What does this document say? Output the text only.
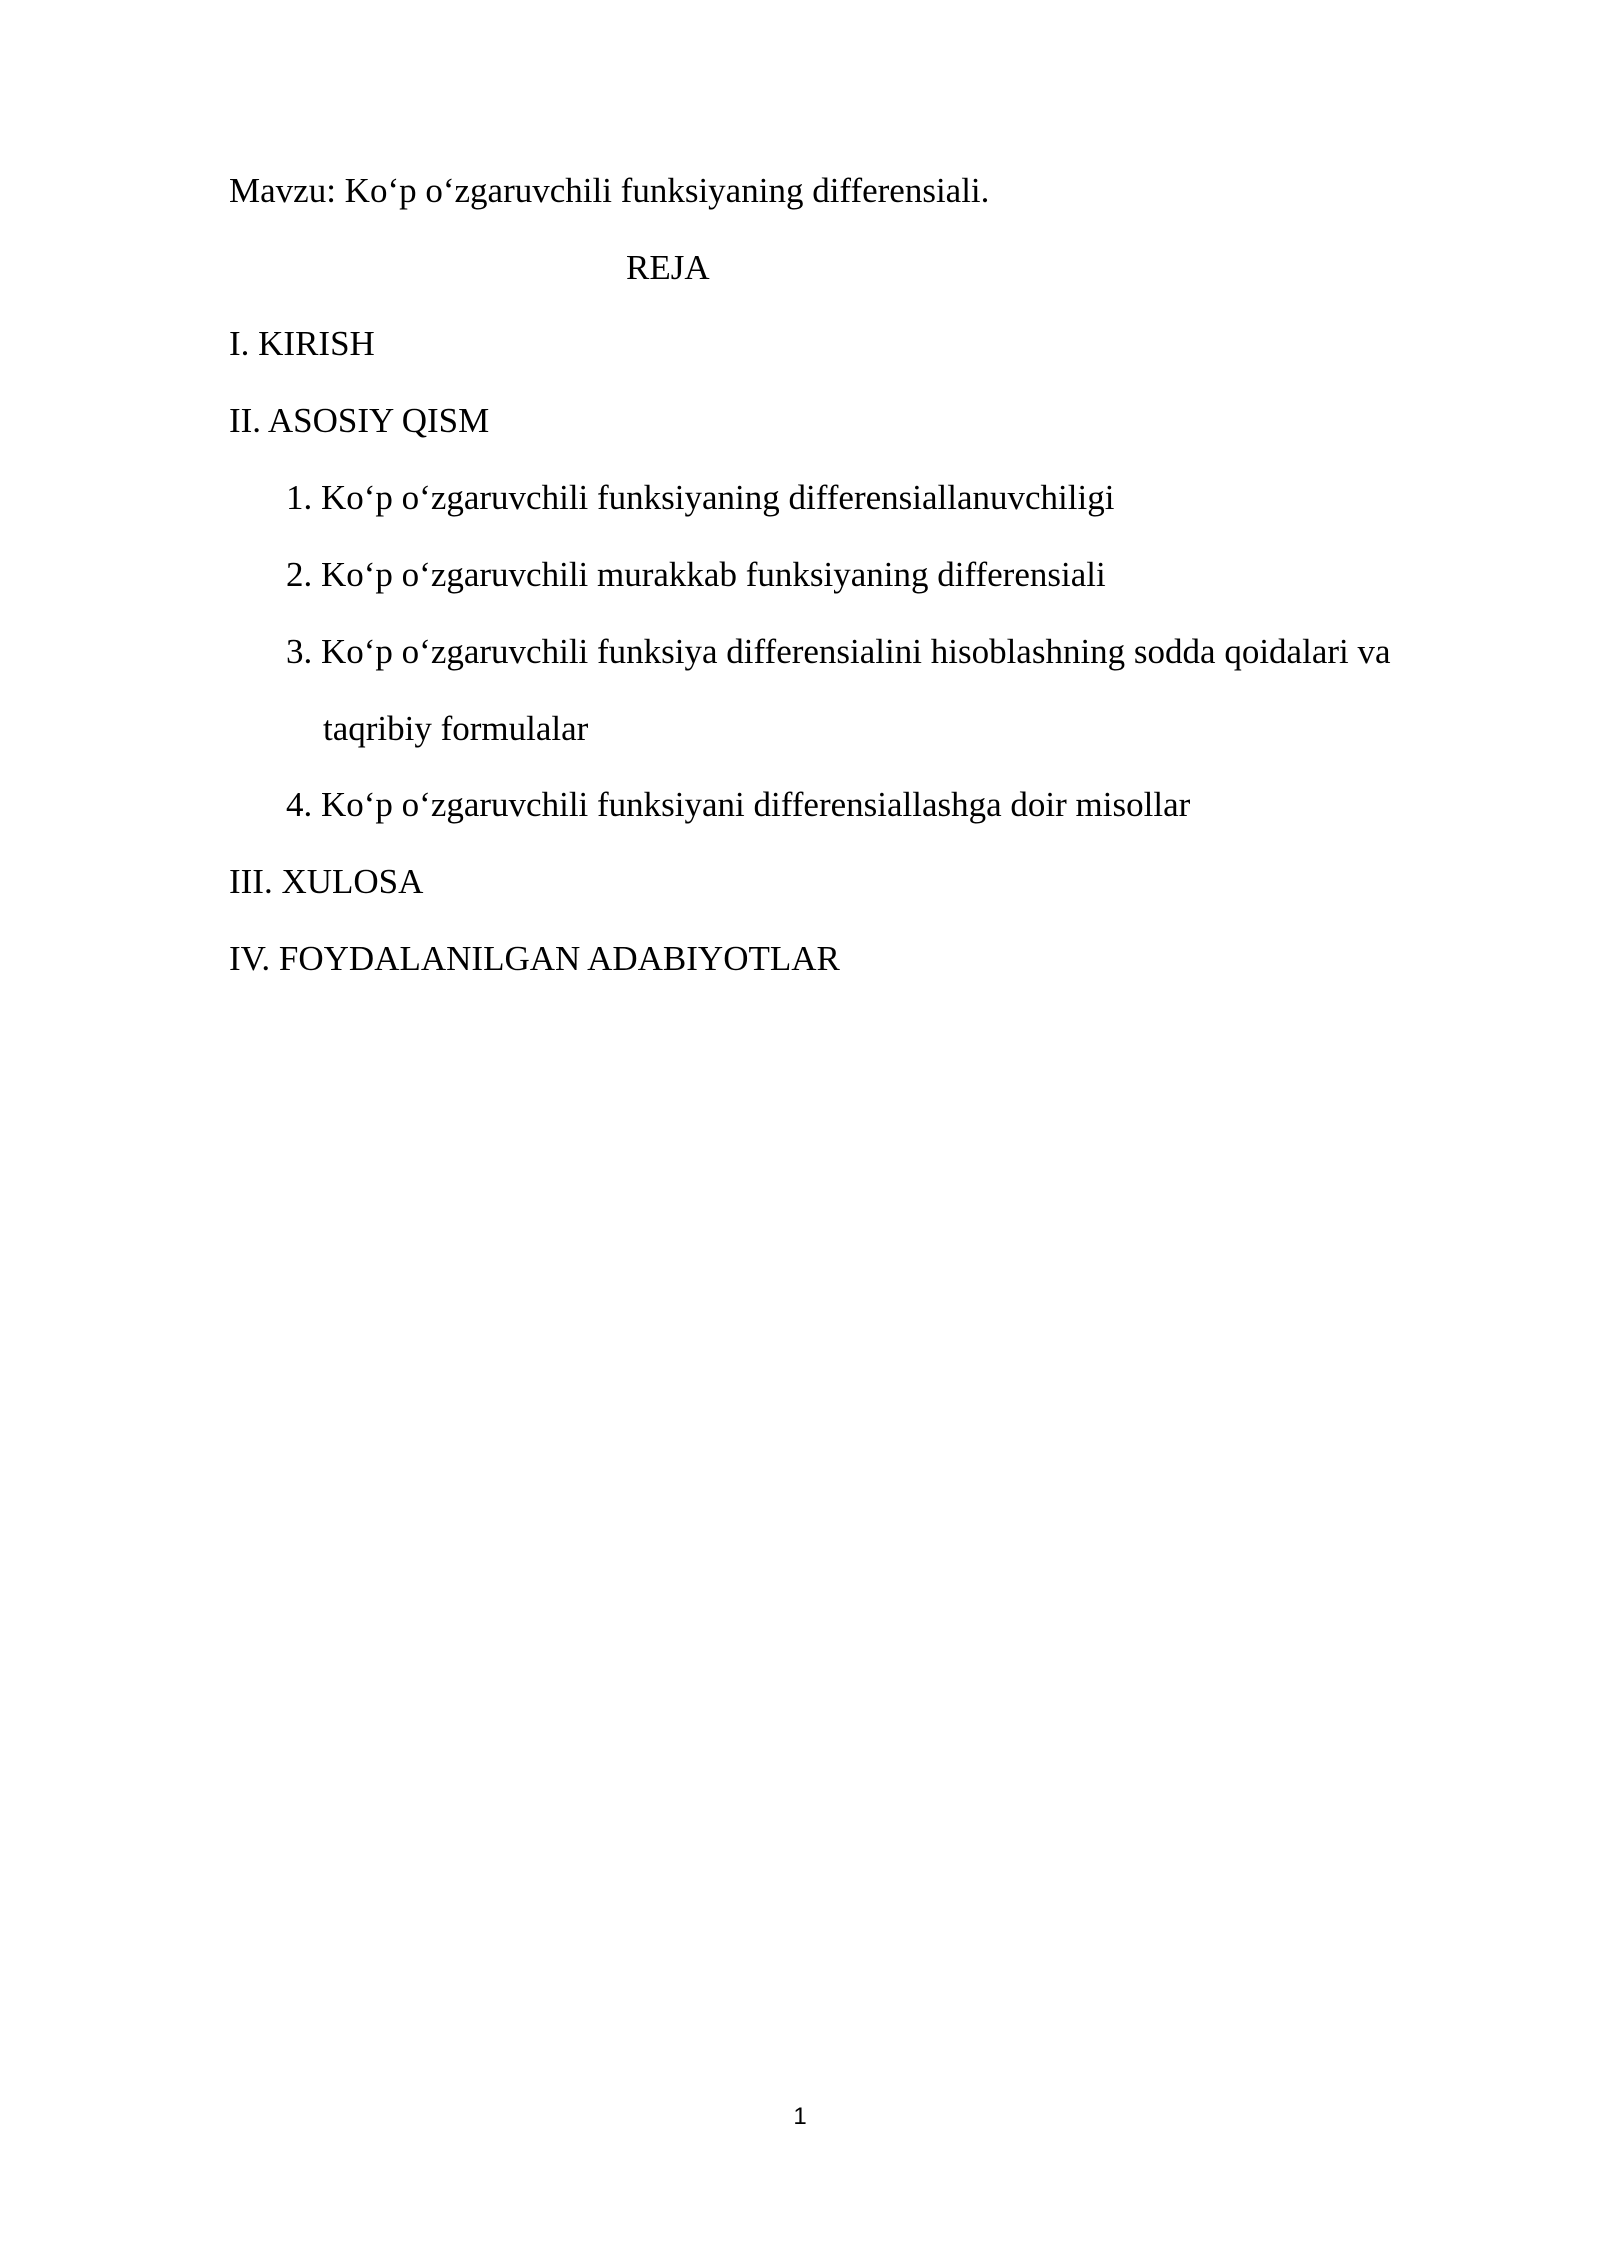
Mavzu: Ko‘p o‘zgaruvchili funksiyaning differensiali.
REJA
I. KIRISH
II. ASOSIY QISM
1. Ko‘p o‘zgaruvchili funksiyaning differensiallanuvchiligi
2. Ko‘p o‘zgaruvchili murakkab funksiyaning differensiali
3. Ko‘p o‘zgaruvchili funksiya differensialini hisoblashning sodda qoidalari va
taqribiy formulalar
4. Ko‘p o‘zgaruvchili funksiyani differensiallashga doir misollar
III. XULOSA
IV. FOYDALANILGAN ADABIYOTLAR
1
